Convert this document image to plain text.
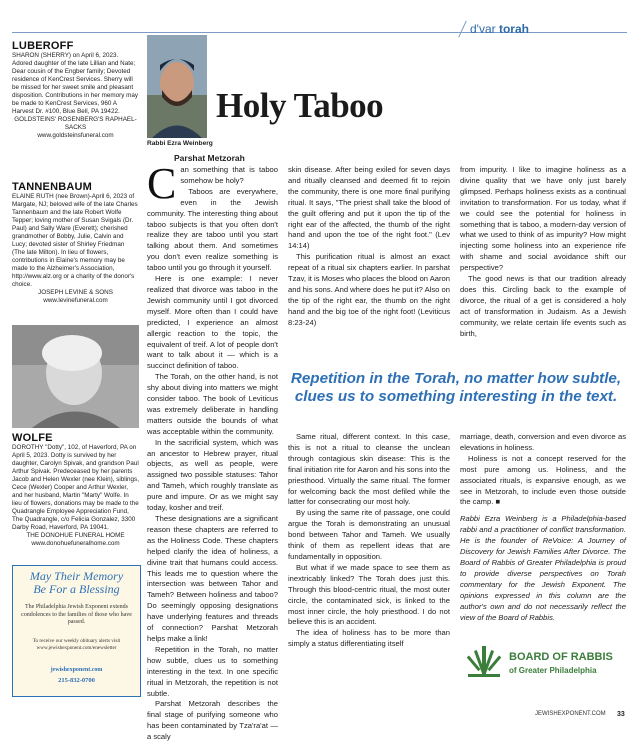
d'var torah
LUBEROFF
SHARON (SHERRY) on April 6, 2023. Adored daughter of the late Lillian and Nate; Dear cousin of the Engber family; Devoted residence of KenCrest Services. Sherry will be missed for her sweet smile and pleasant disposition. Contributions in her memory may be made to KenCrest Services, 960 A Harvest Dr. #100, Blue Bell, PA 19422.
GOLDSTEINS' ROSENBERG'S RAPHAEL-SACKS
www.goldsteinsfuneral.com
TANNENBAUM
ELAINE RUTH (nee Brown)-April 6, 2023 of Margate, NJ; beloved wife of the late Charles Tannenbaum and the late Robert Wolfe Tepper; loving mother of Susan Svigals (Dr. Paul) and Sally Ware (Everett); cherished grandmother of Bobby, Julie, Calvin and Lucy; devoted sister of Shirley Friedman (The late Milton). In lieu of flowers, contributions in Elaine's memory may be made to the Alzheimer's Association, http://www.alz.org or a charity of the donor's choice.
JOSEPH LEVINE & SONS
www.levinefuneral.com
WOLFE
DOROTHY "Dotty", 102, of Haverford, PA on April 5, 2023. Dotty is survived by her daughter, Carolyn Spivak, and grandson Paul Arthur Spivak. Predeceased by her parents Jacob and Helen Wexler (nee Klein), siblings, Cece (Wexler) Cooper and Arthur Wexler, and her husband, Martin "Marty" Wolfe. In lieu of flowers, donations may be made to the Quadrangle Employee Appreciation Fund, The Quadrangle, c/o Felicia Gonzalez, 3300 Darby Road, Haverford, PA 19041.
THE DONOHUE FUNERAL HOME
www.donohuefuneralhome.com
May Their Memory
Be For a Blessing
The Philadelphia Jewish Exponent extends condolences to the families of those who have passed.
To receive our weekly obituary alerts visit www.jewishexponent.com/enewsletter
jewishexponent.com
215-832-0700
Holy Taboo
Rabbi Ezra Weinberg
Parshat Metzorah

Can something that is taboo somehow be holy?

Taboos are everywhere, even in the Jewish community. The interesting thing about taboo subjects is that you often don't realize they are taboo until you start talking about them. And sometimes you don't even realize something is taboo until you go through it yourself.

Here is one example: I never realized that divorce was taboo in the Jewish community until I got divorced myself. More often than I could have predicted, I experience an almost allergic reaction to the topic, the equivalent of treif. A lot of people don't want to talk about it — which is a succinct definition of taboo.

The Torah, on the other hand, is not shy about diving into matters we might consider taboo. The book of Leviticus was extremely deliberate in handling matters outside the bounds of what was acceptable within the community.

In the sacrificial system, which was an ancestor to Hebrew prayer, ritual objects, as well as people, were assigned two possible statuses: Tahor and Tameh, which roughly translate as pure and impure. Or as we might say today, kosher and treif.

These designations are a significant reason these chapters are referred to as the Holiness Code. These chapters helped clarify the idea of holiness, a divine trait that humans could access. This leads me to question where the intersection was between Tahor and Tameh? Between holiness and taboo? Do seemingly opposing designations have underlying features and threads of connection? Parshat Metzorah helps make a link!

Repetition in the Torah, no matter how subtle, clues us to something interesting in the text. In one specific ritual in Metzorah, the repetition is not subtle.

Parshat Metzorah describes the final stage of purifying someone who has been contaminated by Tza'ra'at — a scaly

skin disease. After being exiled for seven days and ritually cleansed and deemed fit to rejoin the community, there is one more final purifying ritual. It says, "The priest shall take the blood of the guilt offering and put it upon the tip of the right ear of the affected, the thumb of the right hand and upon the toe of the right foot." (Lev 14:14)

This purification ritual is almost an exact repeat of a ritual six chapters earlier. In parshat Tzav, it is Moses who places the blood on Aaron and his sons. And where does he put it? Also on the tip of the right ear, the thumb on the right hand and the big toe of the right foot! (Leviticus 8:23-24)

from impurity. I like to imagine holiness as a divine quality that we have only just barely glimpsed. Perhaps holiness exists as a continual invitation to transformation. For us today, what if we could see the potential for holiness in something that is taboo, a modern-day version of what we used to think of as impurity? How might injecting some holiness into an experience rife with shame and social avoidance shift our perspective?

The good news is that our tradition already does this. Circling back to the example of divorce, the ritual of a get is considered a holy act of transformation in Judaism. As a Jewish community, we relate certain life events such as birth,

Repetition in the Torah, no matter how subtle, clues us to something interesting in the text.

Same ritual, different context. In this case, this is not a ritual to cleanse the unclean through contagious skin disease: This is the final initiation rite for Aaron and his sons into the priesthood. Virtually the same ritual. The former for welcoming back the most defiled while the latter for consecrating our most holy.

By using the same rite of passage, one could argue the Torah is demonstrating an unusual bond between Tahor and Tameh. We usually think of them as repellent ideas that are fundamentally in opposition.

But what if we made space to see them as inextricably linked? The Torah does just this. Through this blood-centric ritual, the most outer circle, the contaminated sick, is linked to the most inner circle, the holy priesthood. I do not believe this is an accident.

The idea of holiness has to be more than simply a status differentiating itself

marriage, death, conversion and even divorce as elevations in holiness.

Holiness is not a concept reserved for the most pure among us. Holiness, and the associated rituals, is expansive enough, as we see in Metzorah, to include even those outside the camp. ■

Rabbi Ezra Weinberg is a Philadelphia-based rabbi and a practitioner of conflict transformation. He is the founder of ReVoice: A Journey of Discovery for Jewish Families After Divorce. The Board of Rabbis of Greater Philadelphia is proud to provide diverse perspectives on Torah commentary for the Jewish Exponent. The opinions expressed in this column are the author's own and do not necessarily reflect the view of the Board of Rabbis.

BOARD OF RABBIS
of Greater Philadelphia
JEWISHEXPONENT.COM 33
